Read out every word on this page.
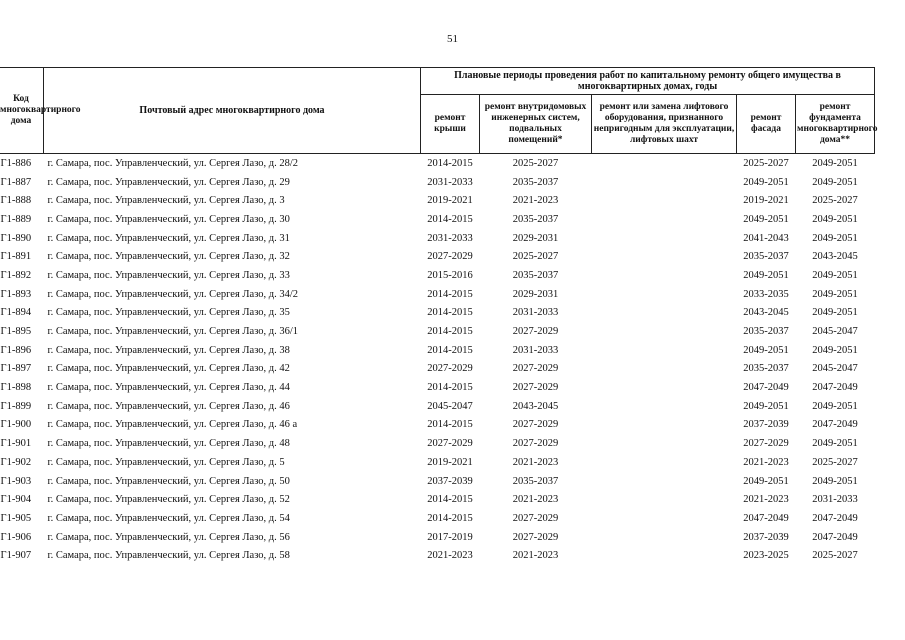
51
Код многоквартирного дома	Почтовый адрес многоквартирного дома	Плановые периоды проведения работ по капитальному ремонту общего имущества в многоквартирных домах, годы				
		ремонт крыши	ремонт внутридомовых инженерных систем, подвальных помещений*	ремонт или замена лифтового оборудования, признанного непригодным для эксплуатации, лифтовых шахт	ремонт фасада	ремонт фундамента многоквартирного дома**
Г1-886	г. Самара, пос. Управленческий, ул. Сергея Лазо, д. 28/2	2014-2015	2025-2027		2025-2027	2049-2051
Г1-887	г. Самара, пос. Управленческий, ул. Сергея Лазо, д. 29	2031-2033	2035-2037		2049-2051	2049-2051
Г1-888	г. Самара, пос. Управленческий, ул. Сергея Лазо, д. 3	2019-2021	2021-2023		2019-2021	2025-2027
Г1-889	г. Самара, пос. Управленческий, ул. Сергея Лазо, д. 30	2014-2015	2035-2037		2049-2051	2049-2051
Г1-890	г. Самара, пос. Управленческий, ул. Сергея Лазо, д. 31	2031-2033	2029-2031		2041-2043	2049-2051
Г1-891	г. Самара, пос. Управленческий, ул. Сергея Лазо, д. 32	2027-2029	2025-2027		2035-2037	2043-2045
Г1-892	г. Самара, пос. Управленческий, ул. Сергея Лазо, д. 33	2015-2016	2035-2037		2049-2051	2049-2051
Г1-893	г. Самара, пос. Управленческий, ул. Сергея Лазо, д. 34/2	2014-2015	2029-2031		2033-2035	2049-2051
Г1-894	г. Самара, пос. Управленческий, ул. Сергея Лазо, д. 35	2014-2015	2031-2033		2043-2045	2049-2051
Г1-895	г. Самара, пос. Управленческий, ул. Сергея Лазо, д. 36/1	2014-2015	2027-2029		2035-2037	2045-2047
Г1-896	г. Самара, пос. Управленческий, ул. Сергея Лазо, д. 38	2014-2015	2031-2033		2049-2051	2049-2051
Г1-897	г. Самара, пос. Управленческий, ул. Сергея Лазо, д. 42	2027-2029	2027-2029		2035-2037	2045-2047
Г1-898	г. Самара, пос. Управленческий, ул. Сергея Лазо, д. 44	2014-2015	2027-2029		2047-2049	2047-2049
Г1-899	г. Самара, пос. Управленческий, ул. Сергея Лазо, д. 46	2045-2047	2043-2045		2049-2051	2049-2051
Г1-900	г. Самара, пос. Управленческий, ул. Сергея Лазо, д. 46 а	2014-2015	2027-2029		2037-2039	2047-2049
Г1-901	г. Самара, пос. Управленческий, ул. Сергея Лазо, д. 48	2027-2029	2027-2029		2027-2029	2049-2051
Г1-902	г. Самара, пос. Управленческий, ул. Сергея Лазо, д. 5	2019-2021	2021-2023		2021-2023	2025-2027
Г1-903	г. Самара, пос. Управленческий, ул. Сергея Лазо, д. 50	2037-2039	2035-2037		2049-2051	2049-2051
Г1-904	г. Самара, пос. Управленческий, ул. Сергея Лазо, д. 52	2014-2015	2021-2023		2021-2023	2031-2033
Г1-905	г. Самара, пос. Управленческий, ул. Сергея Лазо, д. 54	2014-2015	2027-2029		2047-2049	2047-2049
Г1-906	г. Самара, пос. Управленческий, ул. Сергея Лазо, д. 56	2017-2019	2027-2029		2037-2039	2047-2049
Г1-907	г. Самара, пос. Управленческий, ул. Сергея Лазо, д. 58	2021-2023	2021-2023		2023-2025	2025-2027
